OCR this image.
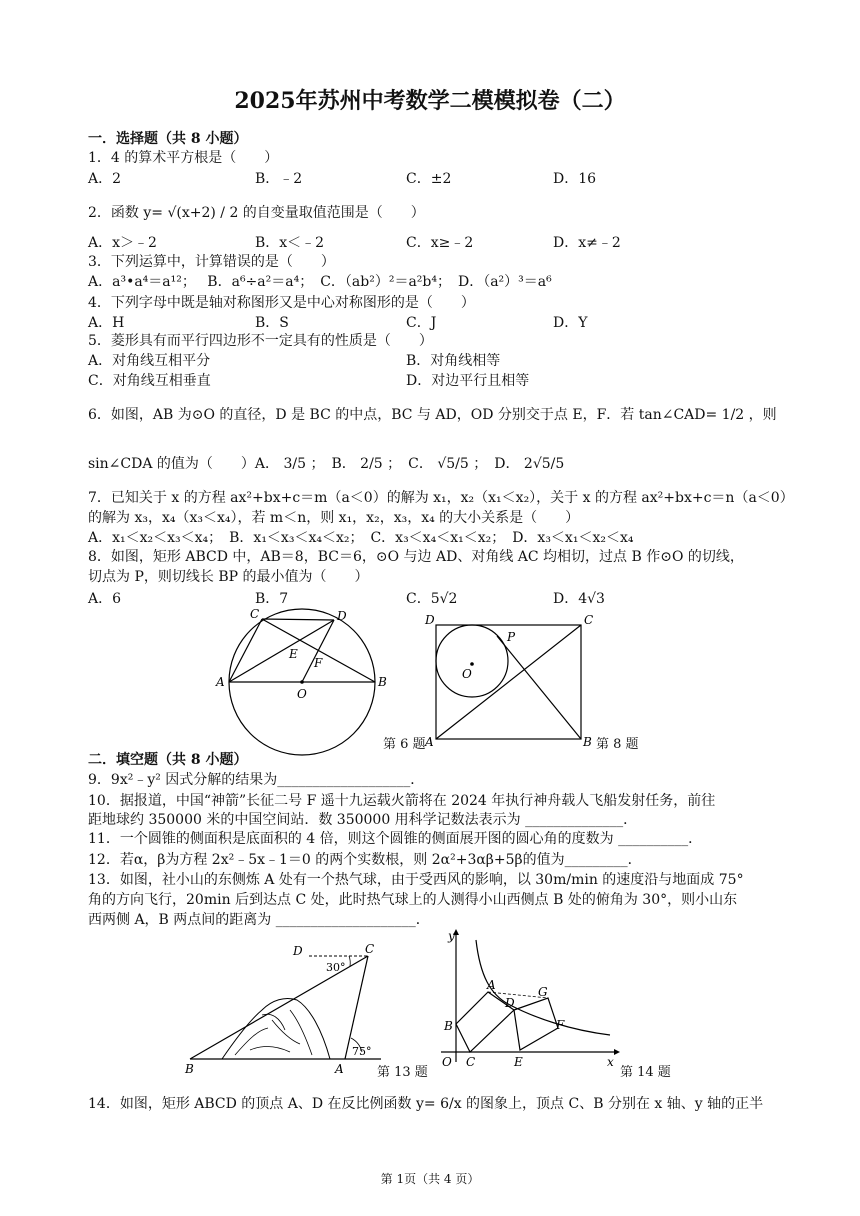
2025年苏州中考数学二模模拟卷（二）
一．选择题（共 8 小题）
1．4 的算术平方根是（　　）
A．2	B．﹣2	C．±2	D．16
2．函数 y= √(x+2) / 2 的自变量取值范围是（　　）
A．x＞﹣2	B．x＜﹣2	C．x≥﹣2	D．x≠﹣2
3．下列运算中，计算错误的是（　　）
A．a³•a⁴＝a¹²；　 B．a⁶÷a²＝a⁴；　C．（ab²）²＝a²b⁴；　D．（a²）³＝a⁶
4．下列字母中既是轴对称图形又是中心对称图形的是（　　）
A．H	B．S	C．J	D．Y
5．菱形具有而平行四边形不一定具有的性质是（　　）
A．对角线互相平分	B．对角线相等
C．对角线互相垂直	D．对边平行且相等
6．如图，AB 为⊙O 的直径，D 是 BC 的中点，BC 与 AD，OD 分别交于点 E，F．若 tan∠CAD= 1/2 ，则
sin∠CDA 的值为（　　）A． 3/5 ；　B． 2/5 ；　C． √5/5 ；　D． 2√5/5
7．已知关于 x 的方程 ax²+bx+c＝m（a＜0）的解为 x₁，x₂（x₁＜x₂），关于 x 的方程 ax²+bx+c＝n（a＜0）
的解为 x₃，x₄（x₃＜x₄），若 m＜n，则 x₁，x₂，x₃，x₄ 的大小关系是（　　）
A．x₁＜x₂＜x₃＜x₄；　B．x₁＜x₃＜x₄＜x₂；　C．x₃＜x₄＜x₁＜x₂；　D．x₃＜x₁＜x₂＜x₄
8．如图，矩形 ABCD 中，AB＝8，BC＝6，⊙O 与边 AD、对角线 AC 均相切，过点 B 作⊙O 的切线，
切点为 P，则切线长 BP 的最小值为（　　）
A．6	B．7	C．5√2	D．4√3
C	D
E
F
A
O
B
第 6 题
D	C
P
O
A	B 第 8 题
二．填空题（共 8 小题）
9．9x²﹣y² 因式分解的结果为___________________．
10．据报道，中国“神箭”长征二号 F 遥十九运载火箭将在 2024 年执行神舟载人飞船发射任务，前往
距地球约 350000 米的中国空间站．数 350000 用科学记数法表示为 ______________．
11．一个圆锥的侧面积是底面积的 4 倍，则这个圆锥的侧面展开图的圆心角的度数为 __________．
12．若α，β为方程 2x²﹣5x﹣1＝0 的两个实数根，则 2α²+3αβ+5β的值为_________．
13．如图，社小山的东侧炼 A 处有一个热气球，由于受西风的影响，以 30m/min 的速度沿与地面成 75°
角的方向飞行，20min 后到达点 C 处，此时热气球上的人测得小山西侧点 B 处的俯角为 30°，则小山东
西两侧 A，B 两点间的距离为 ____________________．
D	C
30°
75°
B	A	第 13 题
y
A
D
G
B	F
O C	E	x
第 14 题
14．如图，矩形 ABCD 的顶点 A、D 在反比例函数 y= 6/x 的图象上，顶点 C、B 分别在 x 轴、y 轴的正半
第 1页（共 4 页）
